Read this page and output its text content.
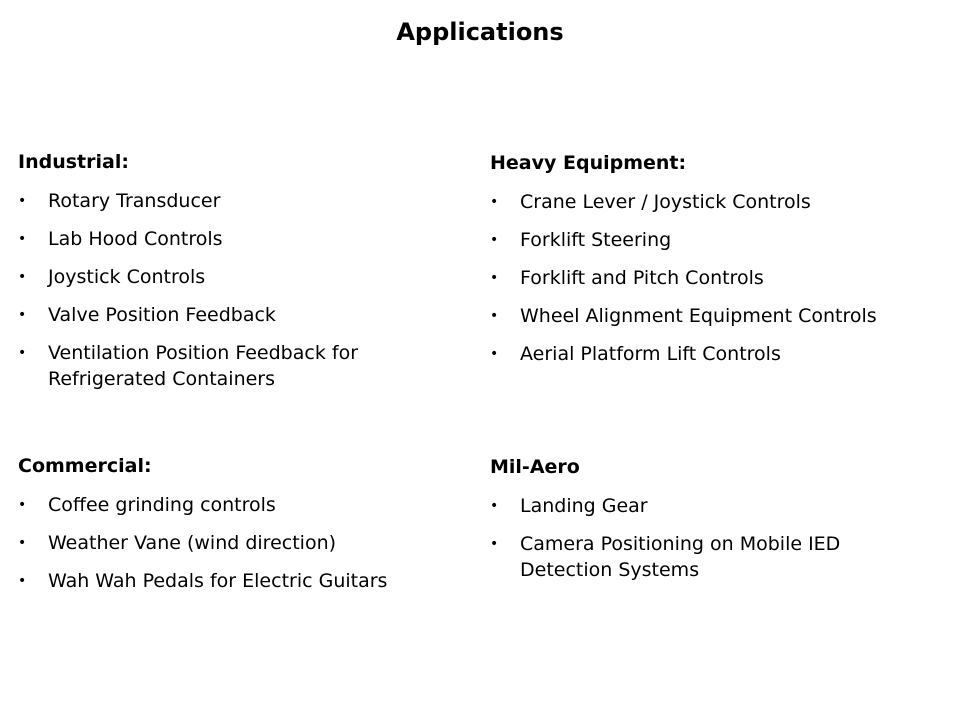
Applications
Industrial:
• Rotary Transducer
• Lab Hood Controls
• Joystick Controls
• Valve Position Feedback
• Ventilation Position Feedback for Refrigerated Containers
Heavy Equipment:
• Crane Lever / Joystick Controls
• Forklift Steering
• Forklift and Pitch Controls
• Wheel Alignment Equipment Controls
• Aerial Platform Lift Controls
Commercial:
• Coffee grinding controls
• Weather Vane (wind direction)
• Wah Wah Pedals for Electric Guitars
Mil-Aero
• Landing Gear
• Camera Positioning on Mobile IED Detection Systems
